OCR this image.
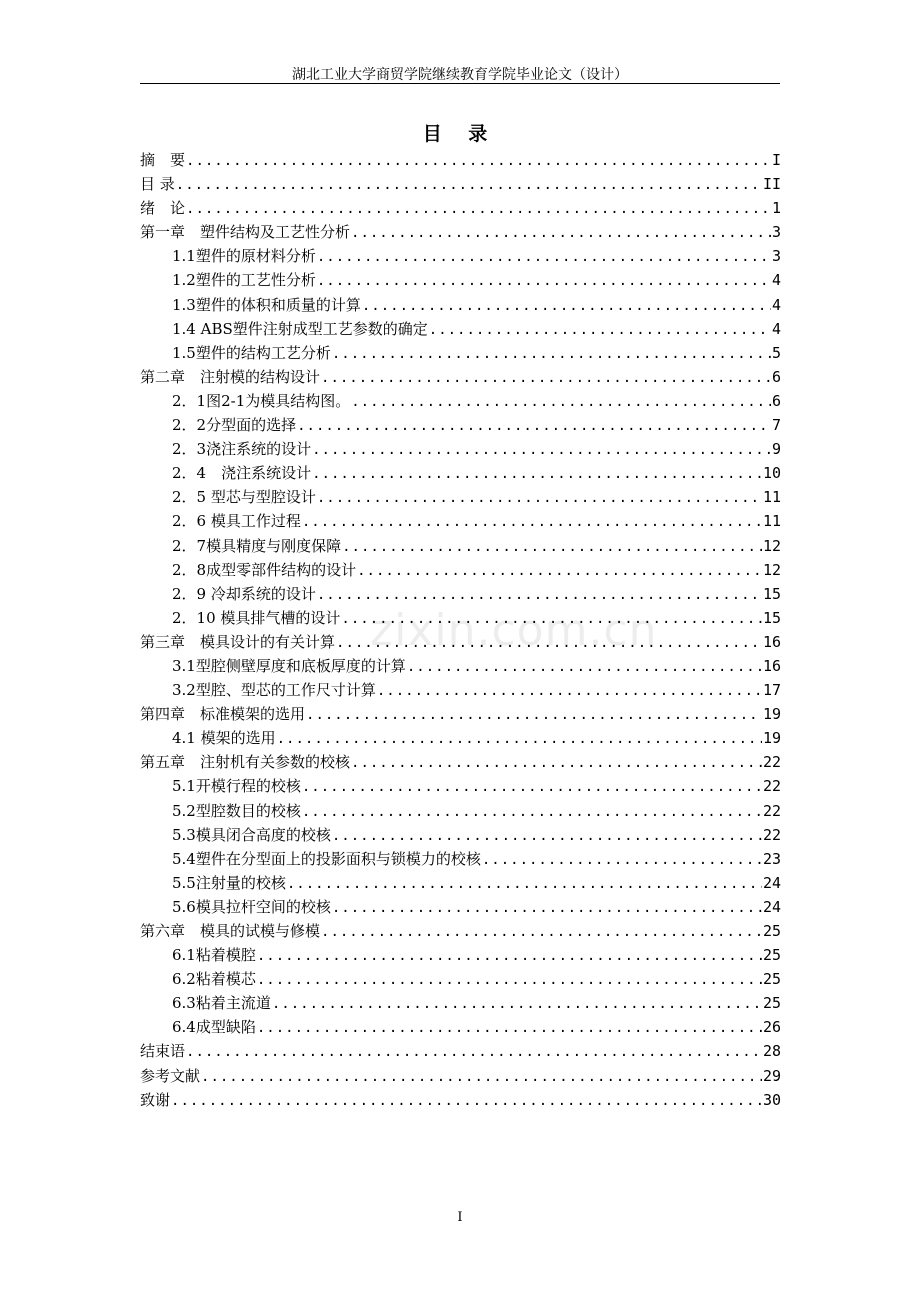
湖北工业大学商贸学院继续教育学院毕业论文（设计）
目 录
摘　要 .....	I
目 录 .....	II
绪　论 .....	1
第一章　塑件结构及工艺性分析 .....	3
1.1塑件的原材料分析 .....	3
1.2塑件的工艺性分析 .....	4
1.3塑件的体积和质量的计算 .....	4
1.4 ABS塑件注射成型工艺参数的确定 .....	4
1.5塑件的结构工艺分析 .....	5
第二章　注射模的结构设计 .....	6
2．1图2-1为模具结构图。 .....	6
2．2分型面的选择 .....	7
2．3浇注系统的设计 .....	9
2．4　浇注系统设计 .....	10
2．5 型芯与型腔设计 .....	11
2．6 模具工作过程 .....	11
2．7模具精度与刚度保障 .....	12
2．8成型零部件结构的设计 .....	12
2．9 冷却系统的设计 .....	15
2．10 模具排气槽的设计 .....	15
第三章　模具设计的有关计算 .....	16
3.1型腔侧壁厚度和底板厚度的计算 .....	16
3.2型腔、型芯的工作尺寸计算 .....	17
第四章　标准模架的选用 .....	19
4.1 模架的选用 .....	19
第五章　注射机有关参数的校核 .....	22
5.1开模行程的校核 .....	22
5.2型腔数目的校核 .....	22
5.3模具闭合高度的校核 .....	22
5.4塑件在分型面上的投影面积与锁模力的校核 .....	23
5.5注射量的校核 .....	24
5.6模具拉杆空间的校核 .....	24
第六章　模具的试模与修模 .....	25
6.1粘着模腔 .....	25
6.2粘着模芯 .....	25
6.3粘着主流道 .....	25
6.4成型缺陷 .....	26
结束语 .....	28
参考文献 .....	29
致谢 .....	30
zixin.com.cn
I
